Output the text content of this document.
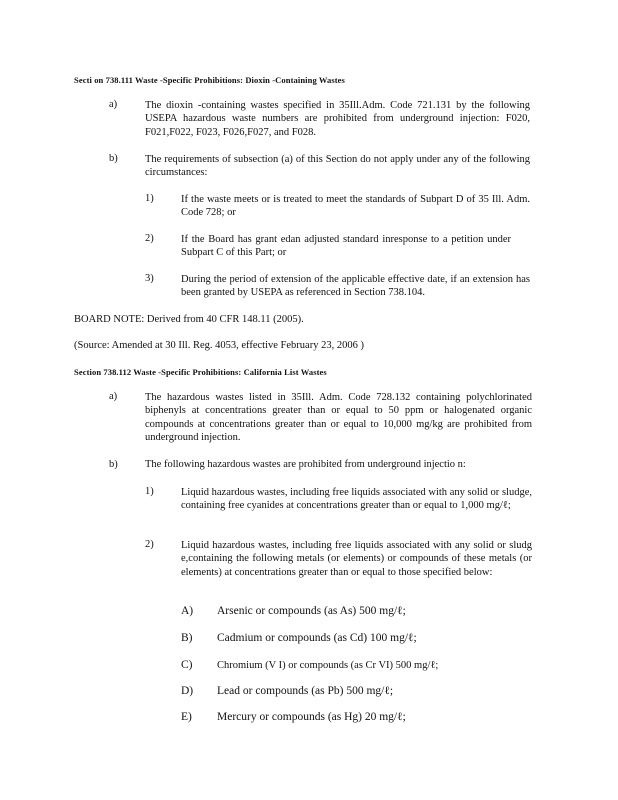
Secti on 738.111 Waste -Specific Prohibitions: Dioxin -Containing Wastes
a)	The dioxin -containing wastes specified in 35Ill.Adm. Code 721.131 by the following USEPA hazardous waste numbers are prohibited from underground injection: F020, F021,F022, F023, F026,F027, and F028.
b)	The requirements of subsection (a) of this Section do not apply under any of the following circumstances:
1)	If the waste meets or is treated to meet the standards of Subpart D of 35 Ill. Adm. Code 728; or
2)	If the Board has grant edan adjusted standard inresponse to a petition under Subpart C of this Part; or
3)	During the period of extension of the applicable effective date, if an extension has been granted by USEPA as referenced in Section 738.104.
BOARD NOTE: Derived from 40 CFR 148.11 (2005).
(Source: Amended at 30 Ill. Reg. 4053, effective February 23, 2006 )
Section 738.112 Waste -Specific Prohibitions: California List Wastes
a)	The hazardous wastes listed in 35Ill. Adm. Code 728.132 containing polychlorinated biphenyls at concentrations greater than or equal to 50 ppm or halogenated organic compounds at concentrations greater than or equal to 10,000 mg/kg are prohibited from underground injection.
b)	The following hazardous wastes are prohibited from underground injectio n:
1)	Liquid hazardous wastes, including free liquids associated with any solid or sludge, containing free cyanides at concentrations greater than or equal to 1,000 mg/ℓ;
2)	Liquid hazardous wastes, including free liquids associated with any solid or sludg e,containing the following metals (or elements) or compounds of these metals (or elements) at concentrations greater than or equal to those specified below:
A) Arsenic or compounds (as As) 500 mg/ℓ;
B) Cadmium or compounds (as Cd) 100 mg/ℓ;
C) Chromium (V I) or compounds (as Cr VI) 500 mg/ℓ;
D) Lead or compounds (as Pb) 500 mg/ℓ;
E) Mercury or compounds (as Hg) 20 mg/ℓ;
